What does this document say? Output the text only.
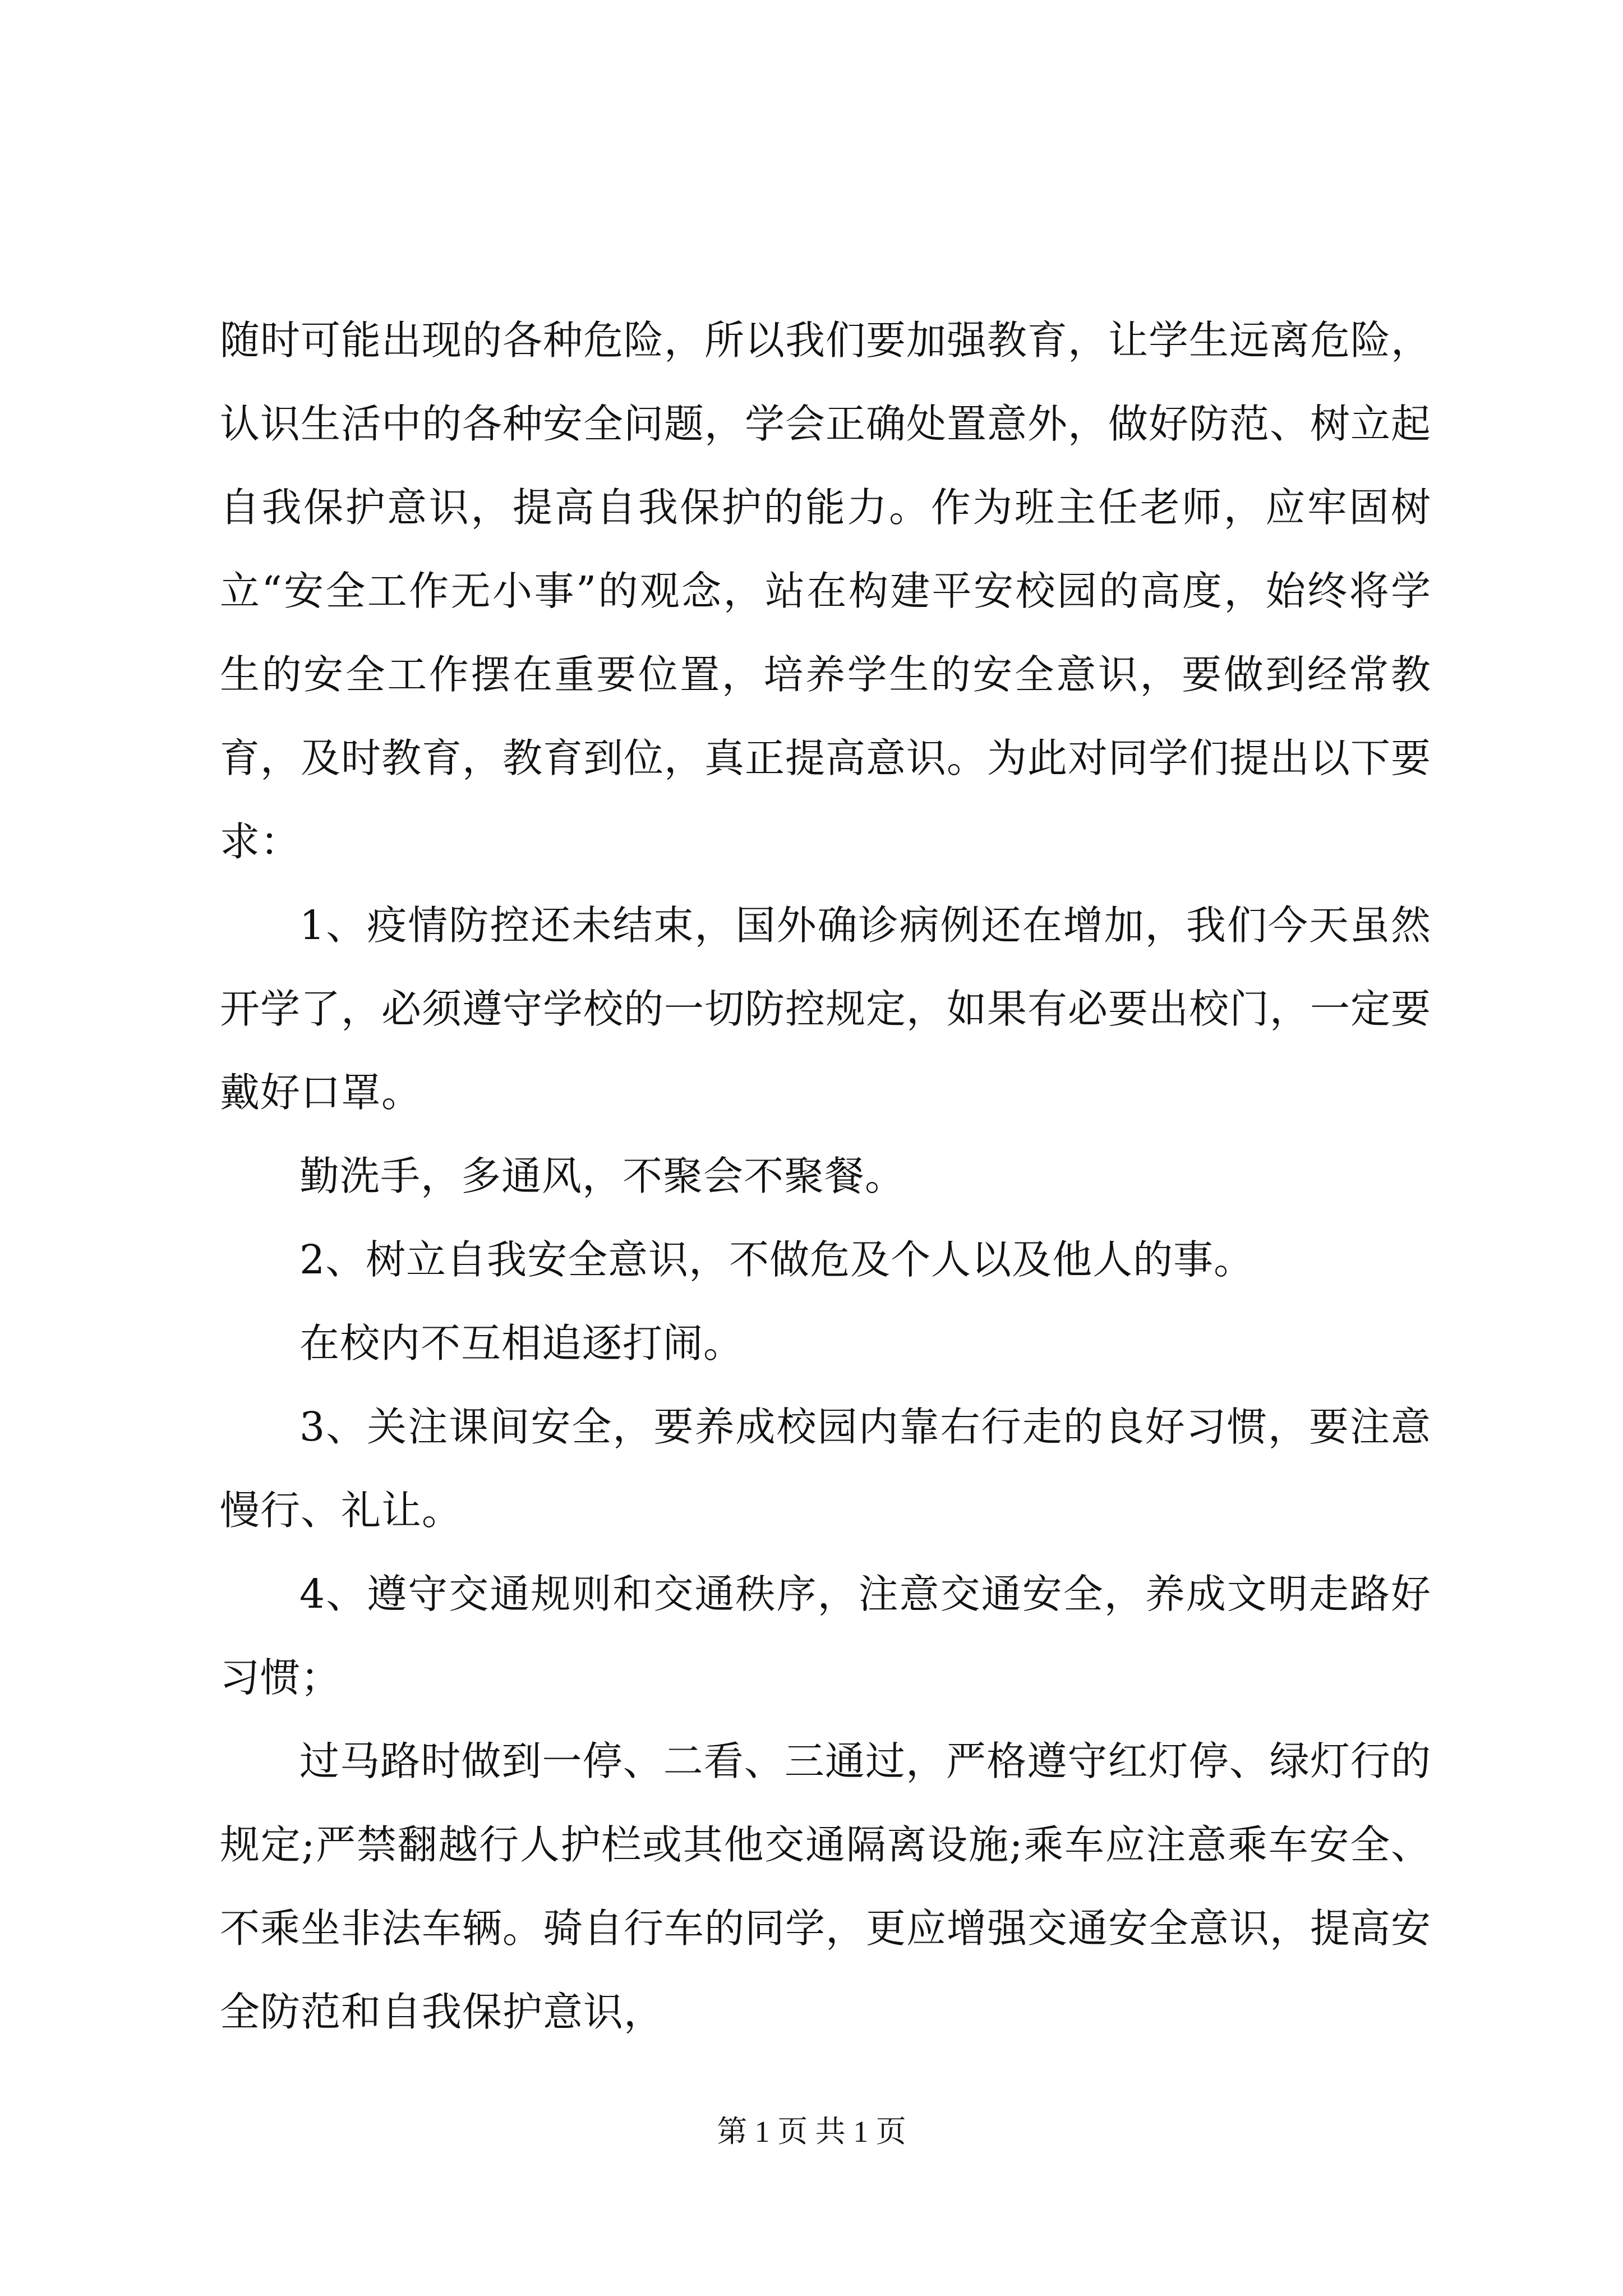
随时可能出现的各种危险，所以我们要加强教育，让学生远离危险，认识生活中的各种安全问题，学会正确处置意外，做好防范、树立起自我保护意识，提高自我保护的能力。作为班主任老师，应牢固树立“安全工作无小事”的观念，站在构建平安校园的高度，始终将学生的安全工作摆在重要位置，培养学生的安全意识，要做到经常教育，及时教育，教育到位，真正提高意识。为此对同学们提出以下要求：

1、疫情防控还未结束，国外确诊病例还在增加，我们今天虽然开学了，必须遵守学校的一切防控规定，如果有必要出校门，一定要戴好口罩。

勤洗手，多通风，不聚会不聚餐。

2、树立自我安全意识，不做危及个人以及他人的事。

在校内不互相追逐打闹。

3、关注课间安全，要养成校园内靠右行走的良好习惯，要注意慢行、礼让。

4、遵守交通规则和交通秩序，注意交通安全，养成文明走路好习惯；

过马路时做到一停、二看、三通过，严格遵守红灯停、绿灯行的规定;严禁翻越行人护栏或其他交通隔离设施;乘车应注意乘车安全、不乘坐非法车辆。骑自行车的同学，更应增强交通安全意识，提高安全防范和自我保护意识，

第 1 页 共 1 页
